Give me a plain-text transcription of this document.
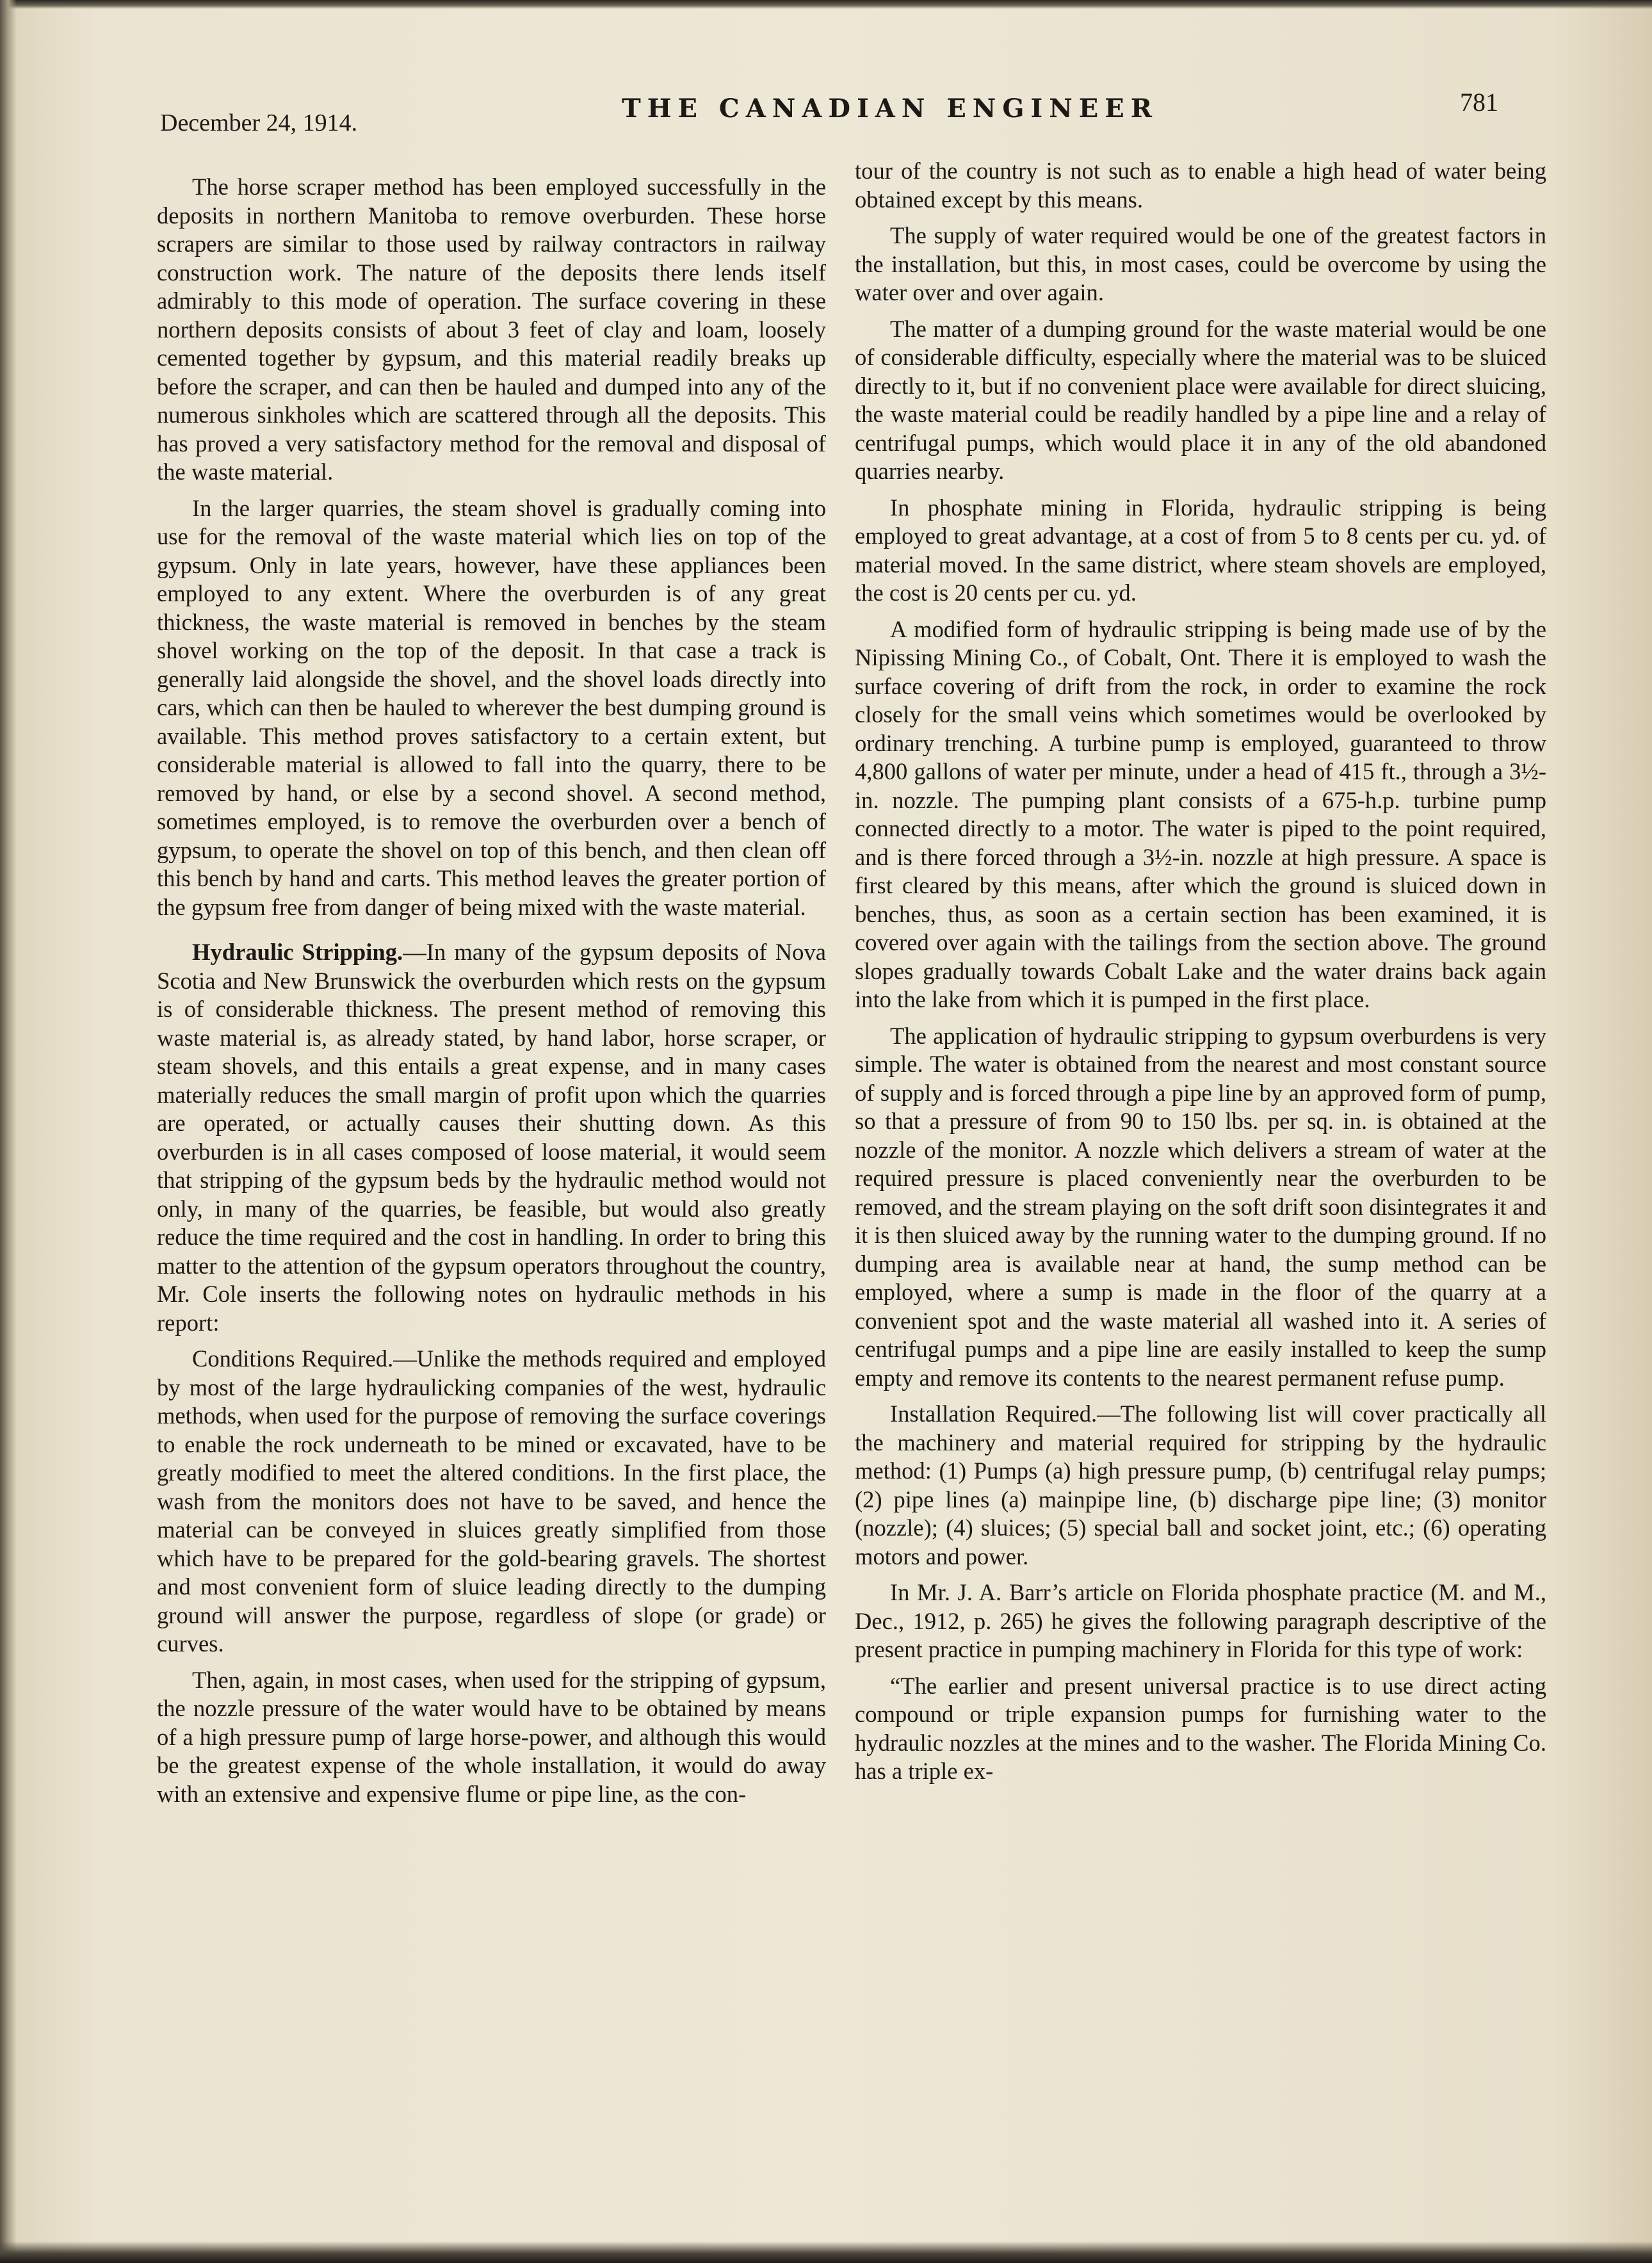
December 24, 1914.	THE CANADIAN ENGINEER	781

The horse scraper method has been employed successfully in the deposits in northern Manitoba to remove overburden. These horse scrapers are similar to those used by railway contractors in railway construction work. The nature of the deposits there lends itself admirably to this mode of operation. The surface covering in these northern deposits consists of about 3 feet of clay and loam, loosely cemented together by gypsum, and this material readily breaks up before the scraper, and can then be hauled and dumped into any of the numerous sinkholes which are scattered through all the deposits. This has proved a very satisfactory method for the removal and disposal of the waste material.

In the larger quarries, the steam shovel is gradually coming into use for the removal of the waste material which lies on top of the gypsum. Only in late years, however, have these appliances been employed to any extent. Where the overburden is of any great thickness, the waste material is removed in benches by the steam shovel working on the top of the deposit. In that case a track is generally laid alongside the shovel, and the shovel loads directly into cars, which can then be hauled to wherever the best dumping ground is available. This method proves satisfactory to a certain extent, but considerable material is allowed to fall into the quarry, there to be removed by hand, or else by a second shovel. A second method, sometimes employed, is to remove the overburden over a bench of gypsum, to operate the shovel on top of this bench, and then clean off this bench by hand and carts. This method leaves the greater portion of the gypsum free from danger of being mixed with the waste material.

Hydraulic Stripping.—In many of the gypsum deposits of Nova Scotia and New Brunswick the overburden which rests on the gypsum is of considerable thickness. The present method of removing this waste material is, as already stated, by hand labor, horse scraper, or steam shovels, and this entails a great expense, and in many cases materially reduces the small margin of profit upon which the quarries are operated, or actually causes their shutting down. As this overburden is in all cases composed of loose material, it would seem that stripping of the gypsum beds by the hydraulic method would not only, in many of the quarries, be feasible, but would also greatly reduce the time required and the cost in handling. In order to bring this matter to the attention of the gypsum operators throughout the country, Mr. Cole inserts the following notes on hydraulic methods in his report:

Conditions Required.—Unlike the methods required and employed by most of the large hydraulicking companies of the west, hydraulic methods, when used for the purpose of removing the surface coverings to enable the rock underneath to be mined or excavated, have to be greatly modified to meet the altered conditions. In the first place, the wash from the monitors does not have to be saved, and hence the material can be conveyed in sluices greatly simplified from those which have to be prepared for the gold-bearing gravels. The shortest and most convenient form of sluice leading directly to the dumping ground will answer the purpose, regardless of slope (or grade) or curves.

Then, again, in most cases, when used for the stripping of gypsum, the nozzle pressure of the water would have to be obtained by means of a high pressure pump of large horse-power, and although this would be the greatest expense of the whole installation, it would do away with an extensive and expensive flume or pipe line, as the con-

tour of the country is not such as to enable a high head of water being obtained except by this means.

The supply of water required would be one of the greatest factors in the installation, but this, in most cases, could be overcome by using the water over and over again.

The matter of a dumping ground for the waste material would be one of considerable difficulty, especially where the material was to be sluiced directly to it, but if no convenient place were available for direct sluicing, the waste material could be readily handled by a pipe line and a relay of centrifugal pumps, which would place it in any of the old abandoned quarries nearby.

In phosphate mining in Florida, hydraulic stripping is being employed to great advantage, at a cost of from 5 to 8 cents per cu. yd. of material moved. In the same district, where steam shovels are employed, the cost is 20 cents per cu. yd.

A modified form of hydraulic stripping is being made use of by the Nipissing Mining Co., of Cobalt, Ont. There it is employed to wash the surface covering of drift from the rock, in order to examine the rock closely for the small veins which sometimes would be overlooked by ordinary trenching. A turbine pump is employed, guaranteed to throw 4,800 gallons of water per minute, under a head of 415 ft., through a 3½-in. nozzle. The pumping plant consists of a 675-h.p. turbine pump connected directly to a motor. The water is piped to the point required, and is there forced through a 3½-in. nozzle at high pressure. A space is first cleared by this means, after which the ground is sluiced down in benches, thus, as soon as a certain section has been examined, it is covered over again with the tailings from the section above. The ground slopes gradually towards Cobalt Lake and the water drains back again into the lake from which it is pumped in the first place.

The application of hydraulic stripping to gypsum overburdens is very simple. The water is obtained from the nearest and most constant source of supply and is forced through a pipe line by an approved form of pump, so that a pressure of from 90 to 150 lbs. per sq. in. is obtained at the nozzle of the monitor. A nozzle which delivers a stream of water at the required pressure is placed conveniently near the overburden to be removed, and the stream playing on the soft drift soon disintegrates it and it is then sluiced away by the running water to the dumping ground. If no dumping area is available near at hand, the sump method can be employed, where a sump is made in the floor of the quarry at a convenient spot and the waste material all washed into it. A series of centrifugal pumps and a pipe line are easily installed to keep the sump empty and remove its contents to the nearest permanent refuse pump.

Installation Required.—The following list will cover practically all the machinery and material required for stripping by the hydraulic method: (1) Pumps (a) high pressure pump, (b) centrifugal relay pumps; (2) pipe lines (a) mainpipe line, (b) discharge pipe line; (3) monitor (nozzle); (4) sluices; (5) special ball and socket joint, etc.; (6) operating motors and power.

In Mr. J. A. Barr’s article on Florida phosphate practice (M. and M., Dec., 1912, p. 265) he gives the following paragraph descriptive of the present practice in pumping machinery in Florida for this type of work:

“The earlier and present universal practice is to use direct acting compound or triple expansion pumps for furnishing water to the hydraulic nozzles at the mines and to the washer. The Florida Mining Co. has a triple ex-
